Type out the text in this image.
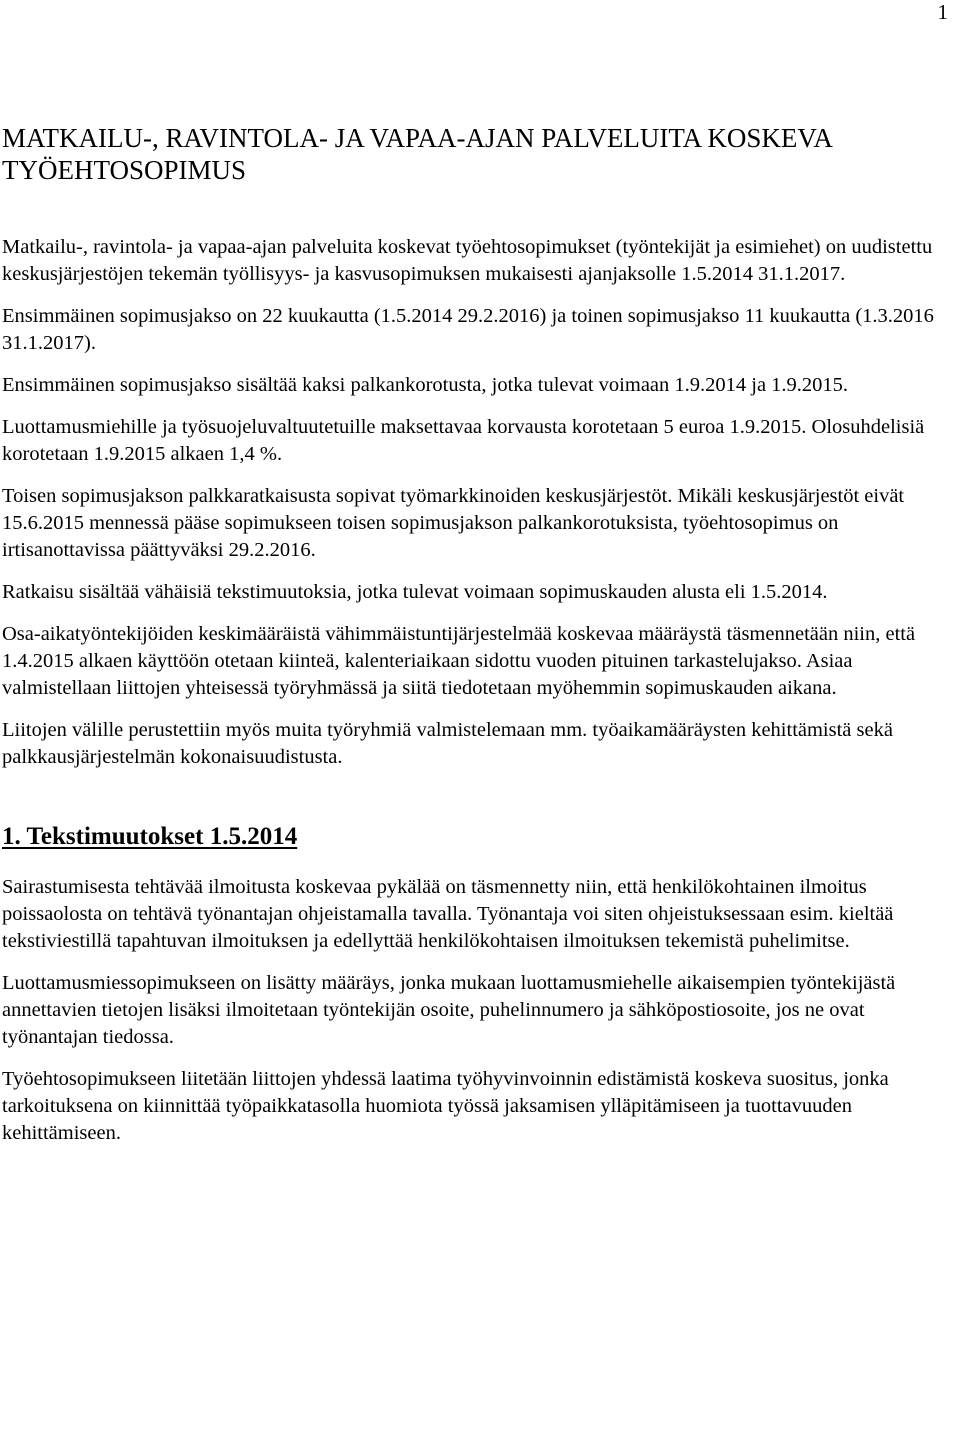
1
MATKAILU-, RAVINTOLA- JA VAPAA-AJAN PALVELUITA KOSKEVA
TYÖEHTOSOPIMUS

Matkailu-, ravintola- ja vapaa-ajan palveluita koskevat työehtosopimukset (työntekijät ja esimiehet) on uudistettu keskusjärjestöjen tekemän työllisyys- ja kasvusopimuksen mukaisesti ajanjaksolle 1.5.2014 31.1.2017.

Ensimmäinen sopimusjakso on 22 kuukautta (1.5.2014 29.2.2016) ja toinen sopimusjakso 11 kuukautta (1.3.2016 31.1.2017).

Ensimmäinen sopimusjakso sisältää kaksi palkankorotusta, jotka tulevat voimaan 1.9.2014 ja 1.9.2015.

Luottamusmiehille ja työsuojeluvaltuutetuille maksettavaa korvausta korotetaan 5 euroa 1.9.2015. Olosuhdelisiä korotetaan 1.9.2015 alkaen 1,4 %.

Toisen sopimusjakson palkkaratkaisusta sopivat työmarkkinoiden keskusjärjestöt. Mikäli keskusjärjestöt eivät 15.6.2015 mennessä pääse sopimukseen toisen sopimusjakson palkankorotuksista, työehtosopimus on irtisanottavissa päättyväksi 29.2.2016.

Ratkaisu sisältää vähäisiä tekstimuutoksia, jotka tulevat voimaan sopimuskauden alusta eli 1.5.2014.

Osa-aikatyöntekijöiden keskimääräistä vähimmäistuntijärjestelmää koskevaa määräystä täsmennetään niin, että 1.4.2015 alkaen käyttöön otetaan kiinteä, kalenteriaikaan sidottu vuoden pituinen tarkastelujakso. Asiaa valmistellaan liittojen yhteisessä työryhmässä ja siitä tiedotetaan myöhemmin sopimuskauden aikana.

Liitojen välille perustettiin myös muita työryhmiä valmistelemaan mm. työaikamääräysten kehittämistä sekä palkkausjärjestelmän kokonaisuudistusta.

1. Tekstimuutokset 1.5.2014

Sairastumisesta tehtävää ilmoitusta koskevaa pykälää on täsmennetty niin, että henkilökohtainen ilmoitus poissaolosta on tehtävä työnantajan ohjeistamalla tavalla. Työnantaja voi siten ohjeistuksessaan esim. kieltää tekstiviestillä tapahtuvan ilmoituksen ja edellyttää henkilökohtaisen ilmoituksen tekemistä puhelimitse.

Luottamusmiessopimukseen on lisätty määräys, jonka mukaan luottamusmiehelle aikaisempien työntekijästä annettavien tietojen lisäksi ilmoitetaan työntekijän osoite, puhelinnumero ja sähköpostiosoite, jos ne ovat työnantajan tiedossa.

Työehtosopimukseen liitetään liittojen yhdessä laatima työhyvinvoinnin edistämistä koskeva suositus, jonka tarkoituksena on kiinnittää työpaikkatasolla huomiota työssä jaksamisen ylläpitämiseen ja tuottavuuden kehittämiseen.
